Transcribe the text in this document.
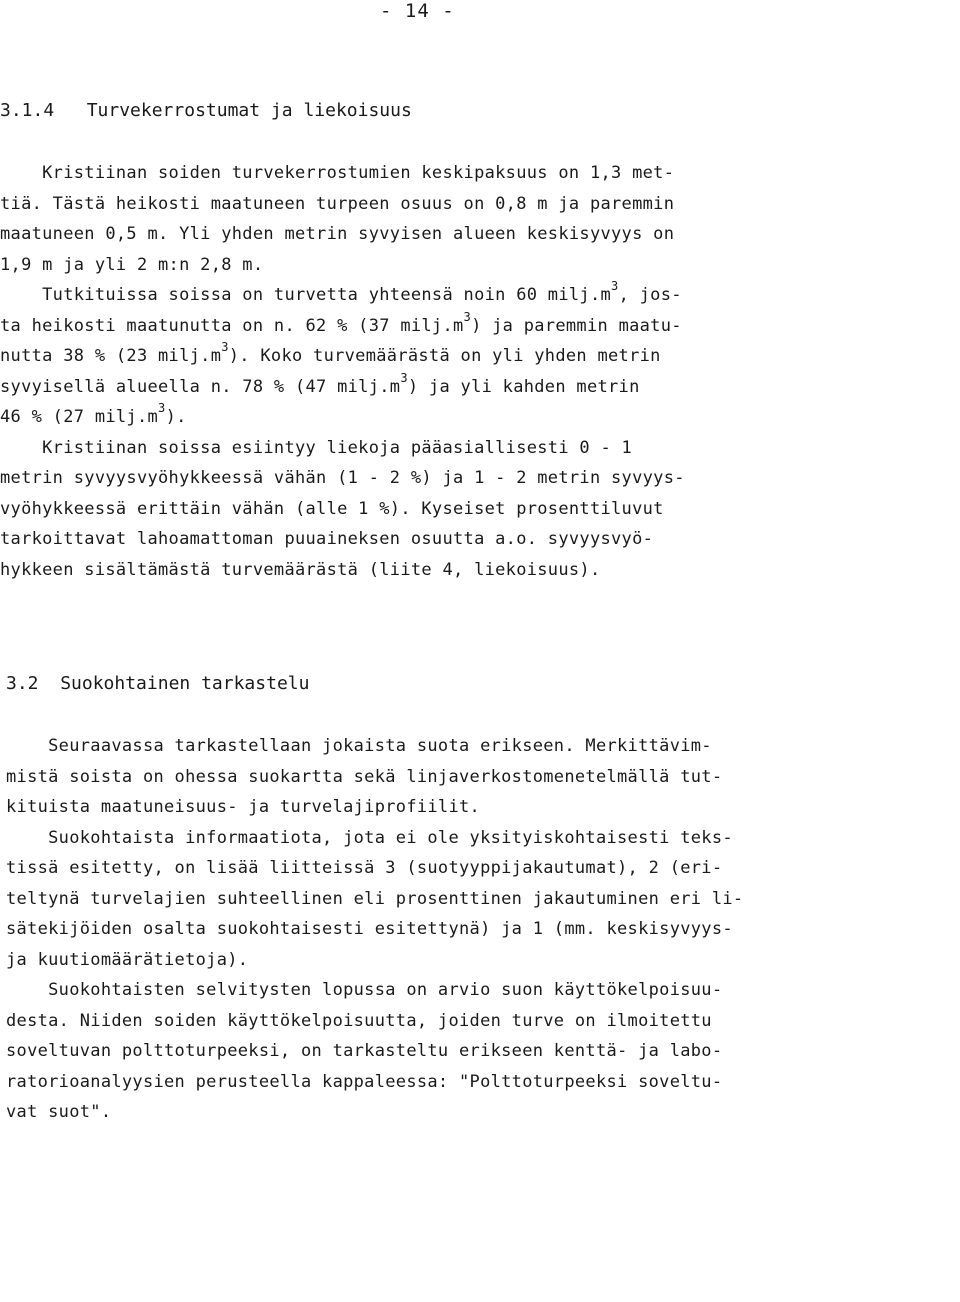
- 14 -
3.1.4 Turvekerrostumat ja liekoisuus
Kristiinan soiden turvekerrostumien keskipaksuus on 1,3 met-
tiä. Tästä heikosti maatuneen turpeen osuus on 0,8 m ja paremmin
maatuneen 0,5 m. Yli yhden metrin syvyisen alueen keskisyvyys on
1,9 m ja yli 2 m:n 2,8 m.
Tutkituissa soissa on turvetta yhteensä noin 60 $milj.m^3$, jos-
ta heikosti maatunutta on n. 62 % (37 $milj.m^3$) ja paremmin maatu-
nutta 38 % (23 $milj.m^3$). Koko turvemäärästä on yli yhden metrin
syvyisellä alueella n. 78 % (47 $milj.m^3$) ja yli kahden metrin
46 % (27 $milj.m^3$).
Kristiinan soissa esiintyy liekoja pääasiallisesti 0 - 1
metrin syvyysvyöhykkeessä vähän (1 - 2 %) ja 1 - 2 metrin syvyys-
vyöhykkeessä erittäin vähän (alle 1 %). Kyseiset prosenttiluvut
tarkoittavat lahoamattoman puuaineksen osuutta a.o. syvyysvyö-
hykkeen sisältämästä turvemäärästä (liite 4, liekoisuus).
3.2 Suokohtainen tarkastelu
Seuraavassa tarkastellaan jokaista suota erikseen. Merkittävim-
mistä soista on ohessa suokartta sekä linjaverkostomenetelmällä tut-
kituista maatuneisuus- ja turvelajiprofiilit.
Suokohtaista informaatiota, jota ei ole yksityiskohtaisesti teks-
tissä esitetty, on lisää liitteissä 3 (suotyyppijakautumat), 2 (eri-
teltynä turvelajien suhteellinen eli prosenttinen jakautuminen eri li-
sätekijöiden osalta suokohtaisesti esitettynä) ja 1 (mm. keskisyvyys-
ja kuutiomäärätietoja).
Suokohtaisten selvitysten lopussa on arvio suon käyttökelpoisuu-
desta. Niiden soiden käyttökelpoisuutta, joiden turve on ilmoitettu
soveltuvan polttoturpeeksi, on tarkasteltu erikseen kenttä- ja labo-
ratorioanalyysien perusteella kappaleessa: "Polttoturpeeksi soveltu-
vat suot".
